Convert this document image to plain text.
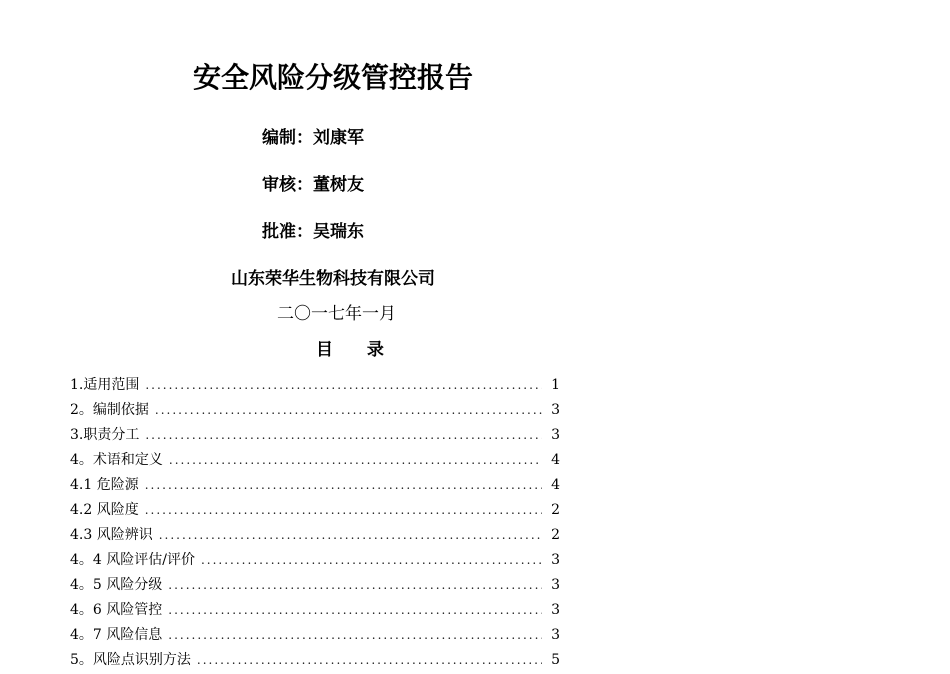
安全风险分级管控报告
编制：刘康军
审核：董树友
批准：吴瑞东
山东荣华生物科技有限公司
二〇一七年一月
目 录
1.适用范围 .....	1
2。编制依据 .....	3
3.职责分工 .....	3
4。术语和定义 .....	4
4.1 危险源 .....	4
4.2 风险度 .....	2
4.3 风险辨识 .....	2
4。4 风险评估/评价 .....	3
4。5 风险分级 .....	3
4。6 风险管控 .....	3
4。7 风险信息 .....	3
5。风险点识别方法 .....	5
